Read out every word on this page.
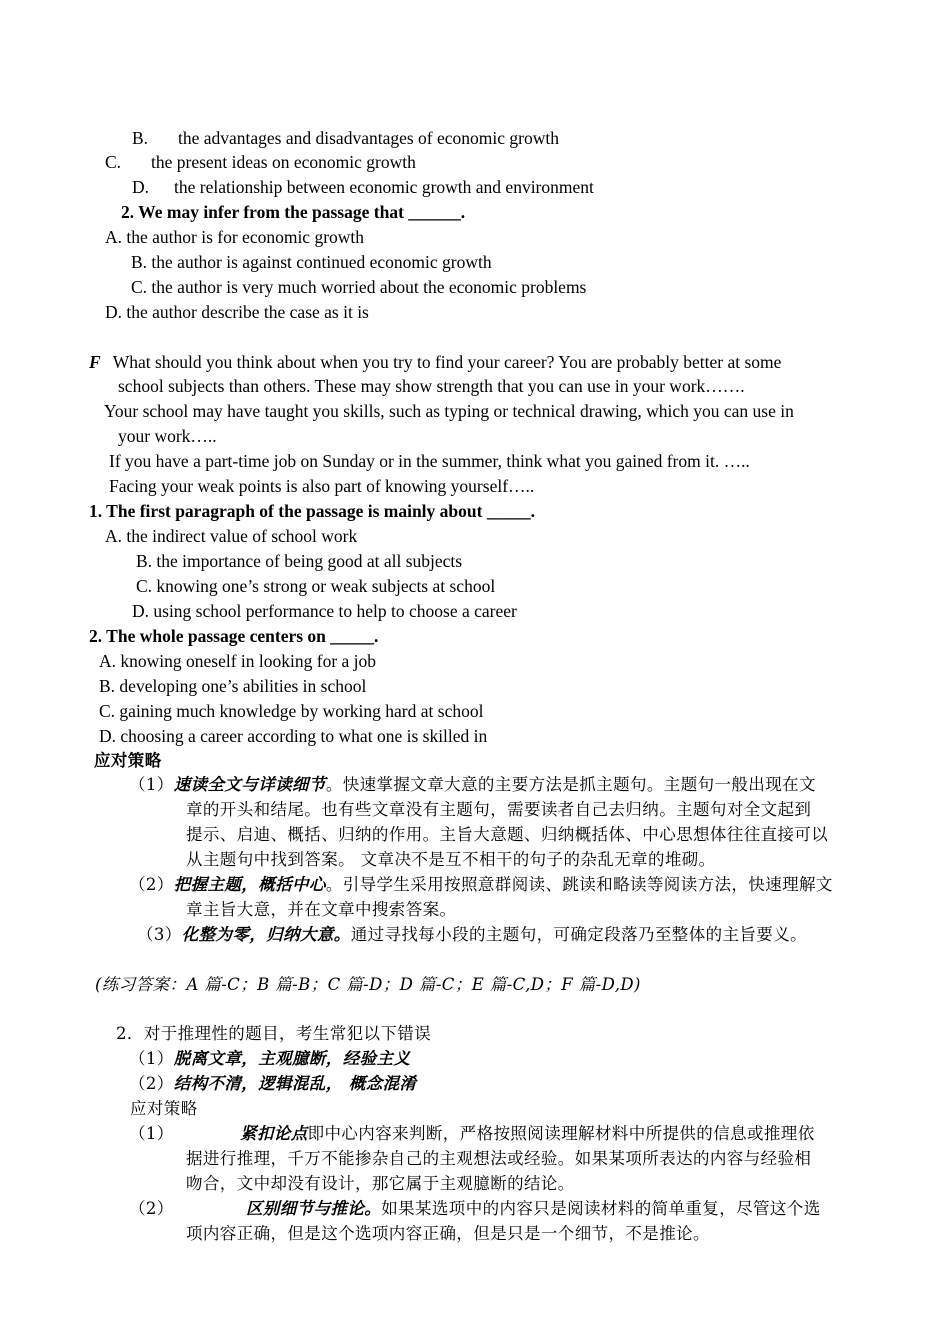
B. the advantages and disadvantages of economic growth
C. the present ideas on economic growth
D. the relationship between economic growth and environment
2. We may infer from the passage that ______.
A. the author is for economic growth
B. the author is against continued economic growth
C. the author is very much worried about the economic problems
D. the author describe the case as it is
F What should you think about when you try to find your career? You are probably better at some
school subjects than others. These may show strength that you can use in your work…….
Your school may have taught you skills, such as typing or technical drawing, which you can use in
your work…..
If you have a part-time job on Sunday or in the summer, think what you gained from it. …..
Facing your weak points is also part of knowing yourself…..
1. The first paragraph of the passage is mainly about _____.
A. the indirect value of school work
B. the importance of being good at all subjects
C. knowing one’s strong or weak subjects at school
D. using school performance to help to choose a career
2. The whole passage centers on _____.
A. knowing oneself in looking for a job
B. developing one’s abilities in school
C. gaining much knowledge by working hard at school
D. choosing a career according to what one is skilled in
应对策略
（1）速读全文与详读细节。快速掌握文章大意的主要方法是抓主题句。主题句一般出现在文
章的开头和结尾。也有些文章没有主题句，需要读者自己去归纳。主题句对全文起到
提示、启迪、概括、归纳的作用。主旨大意题、归纳概括体、中心思想体往往直接可以
从主题句中找到答案。 文章决不是互不相干的句子的杂乱无章的堆砌。
（2）把握主题，概括中心。引导学生采用按照意群阅读、跳读和略读等阅读方法，快速理解文
章主旨大意，并在文章中搜索答案。
（3）化整为零，归纳大意。通过寻找每小段的主题句，可确定段落乃至整体的主旨要义。
(练习答案：A 篇-C；B 篇-B；C 篇-D；D 篇-C；E 篇-C,D；F 篇-D,D)
2．对于推理性的题目，考生常犯以下错误
（1）脱离文章，主观臆断，经验主义
（2）结构不清，逻辑混乱， 概念混淆
应对策略
（1）	紧扣论点即中心内容来判断，严格按照阅读理解材料中所提供的信息或推理依
据进行推理，千万不能掺杂自己的主观想法或经验。如果某项所表达的内容与经验相
吻合，文中却没有设计，那它属于主观臆断的结论。
（2）	区别细节与推论。如果某选项中的内容只是阅读材料的简单重复，尽管这个选
项内容正确，但是这个选项内容正确，但是只是一个细节，不是推论。
